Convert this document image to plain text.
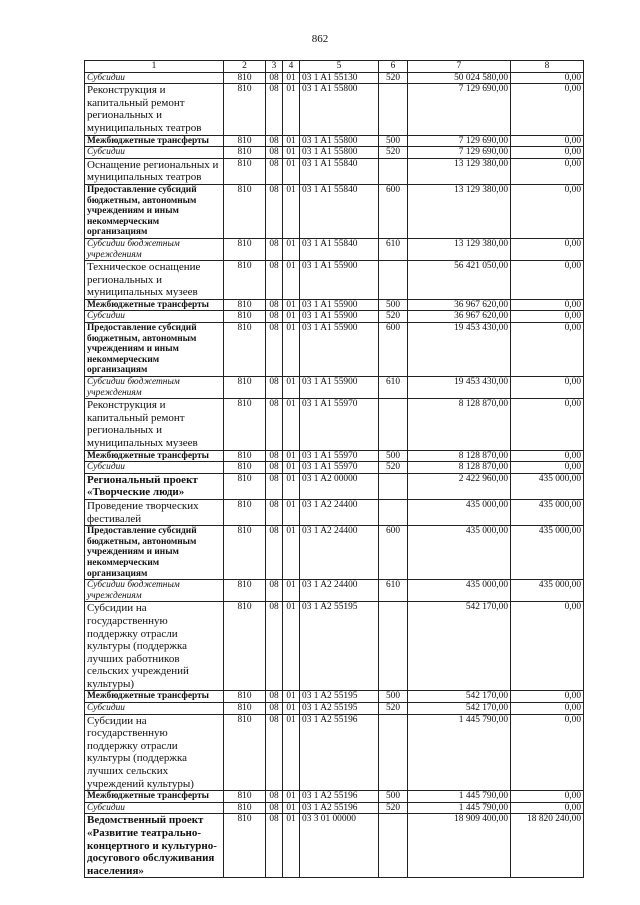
862
1	2	3	4	5	6	7	8
Субсидии	810	08	01	03 1 A1 55130	520	50 024 580,00	0,00
Реконструкция и капитальный ремонт региональных и муниципальных театров	810	08	01	03 1 A1 55800		7 129 690,00	0,00
Межбюджетные трансферты	810	08	01	03 1 A1 55800	500	7 129 690,00	0,00
Субсидии	810	08	01	03 1 A1 55800	520	7 129 690,00	0,00
Оснащение региональных и муниципальных театров	810	08	01	03 1 A1 55840		13 129 380,00	0,00
Предоставление субсидий бюджетным, автономным учреждениям и иным некоммерческим организациям	810	08	01	03 1 A1 55840	600	13 129 380,00	0,00
Субсидии бюджетным учреждениям	810	08	01	03 1 A1 55840	610	13 129 380,00	0,00
Техническое оснащение региональных и муниципальных музеев	810	08	01	03 1 A1 55900		56 421 050,00	0,00
Межбюджетные трансферты	810	08	01	03 1 A1 55900	500	36 967 620,00	0,00
Субсидии	810	08	01	03 1 A1 55900	520	36 967 620,00	0,00
Предоставление субсидий бюджетным, автономным учреждениям и иным некоммерческим организациям	810	08	01	03 1 A1 55900	600	19 453 430,00	0,00
Субсидии бюджетным учреждениям	810	08	01	03 1 A1 55900	610	19 453 430,00	0,00
Реконструкция и капитальный ремонт региональных и муниципальных музеев	810	08	01	03 1 A1 55970		8 128 870,00	0,00
Межбюджетные трансферты	810	08	01	03 1 A1 55970	500	8 128 870,00	0,00
Субсидии	810	08	01	03 1 A1 55970	520	8 128 870,00	0,00
Региональный проект «Творческие люди»	810	08	01	03 1 A2 00000		2 422 960,00	435 000,00
Проведение творческих фестивалей	810	08	01	03 1 A2 24400		435 000,00	435 000,00
Предоставление субсидий бюджетным, автономным учреждениям и иным некоммерческим организациям	810	08	01	03 1 A2 24400	600	435 000,00	435 000,00
Субсидии бюджетным учреждениям	810	08	01	03 1 A2 24400	610	435 000,00	435 000,00
Субсидии на государственную поддержку отрасли культуры (поддержка лучших работников сельских учреждений культуры)	810	08	01	03 1 A2 55195		542 170,00	0,00
Межбюджетные трансферты	810	08	01	03 1 A2 55195	500	542 170,00	0,00
Субсидии	810	08	01	03 1 A2 55195	520	542 170,00	0,00
Субсидии на государственную поддержку отрасли культуры (поддержка лучших сельских учреждений культуры)	810	08	01	03 1 A2 55196		1 445 790,00	0,00
Межбюджетные трансферты	810	08	01	03 1 A2 55196	500	1 445 790,00	0,00
Субсидии	810	08	01	03 1 A2 55196	520	1 445 790,00	0,00
Ведомственный проект «Развитие театрально-концертного и культурно-досугового обслуживания населения»	810	08	01	03 3 01 00000		18 909 400,00	18 820 240,00
